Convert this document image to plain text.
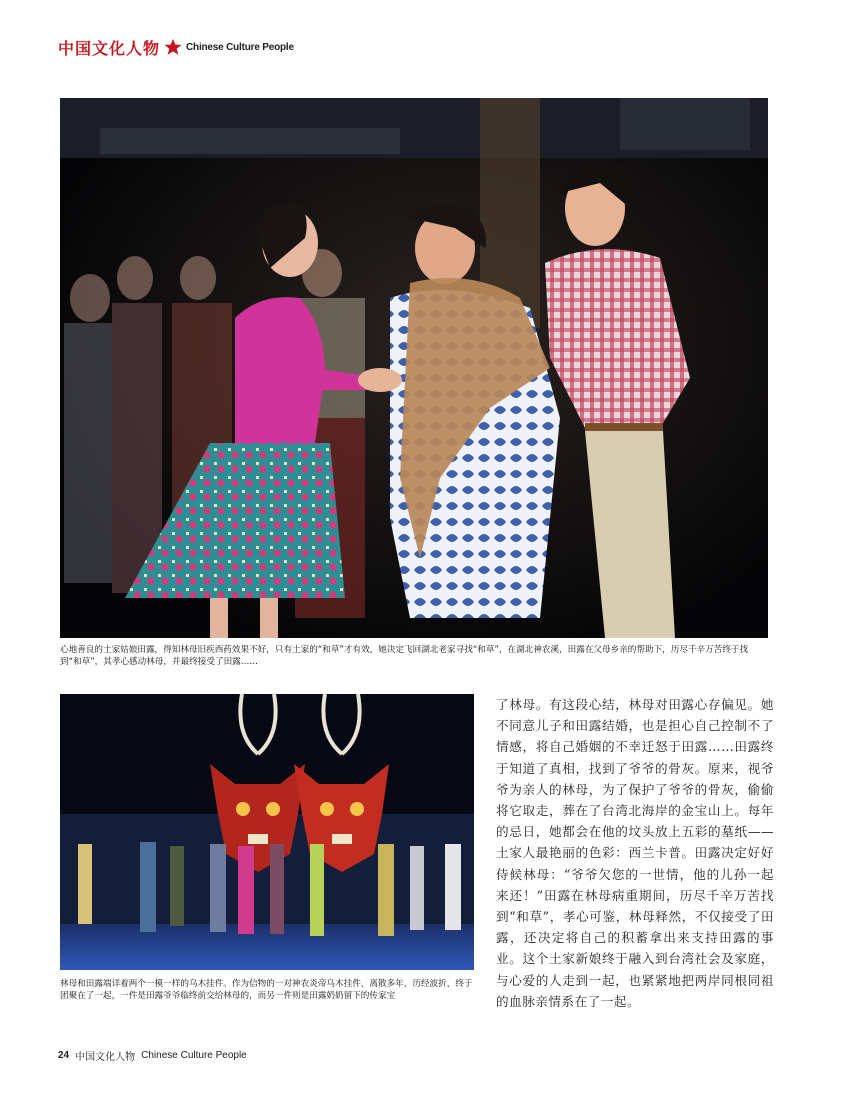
中国文化人物	Chinese Culture People
心地善良的土家姑娘田露，得知林母旧疾西药效果不好，只有土家的“和草”才有效，她决定飞回湖北老家寻找“和草”，在湖北神农溪，田露在父母乡亲的帮助下，历尽千辛万苦终于找到“和草”，其孝心感动林母，并最终接受了田露……
林母和田露端详着两个一模一样的乌木挂件。作为信物的一对神农炎帝乌木挂件，离散多年，历经波折，终于团聚在了一起，一件是田露爷爷临终前交给林母的，而另一件则是田露奶奶留下的传家宝

了林母。有这段心结，林母对田露心存偏见。她不同意儿子和田露结婚，也是担心自己控制不了情感，将自己婚姻的不幸迁怒于田露……田露终于知道了真相，找到了爷爷的骨灰。原来，视爷爷为亲人的林母，为了保护了爷爷的骨灰，偷偷将它取走，葬在了台湾北海岸的金宝山上。每年的忌日，她都会在他的坟头放上五彩的墓纸——土家人最艳丽的色彩：西兰卡普。田露决定好好侍候林母：“爷爷欠您的一世情，他的儿孙一起来还！”田露在林母病重期间，历尽千辛万苦找到“和草”，孝心可鉴，林母释然，不仅接受了田露，还决定将自己的积蓄拿出来支持田露的事业。这个土家新娘终于融入到台湾社会及家庭，与心爱的人走到一起，也紧紧地把两岸同根同祖的血脉亲情系在了一起。

24 中国文化人物 Chinese Culture People
